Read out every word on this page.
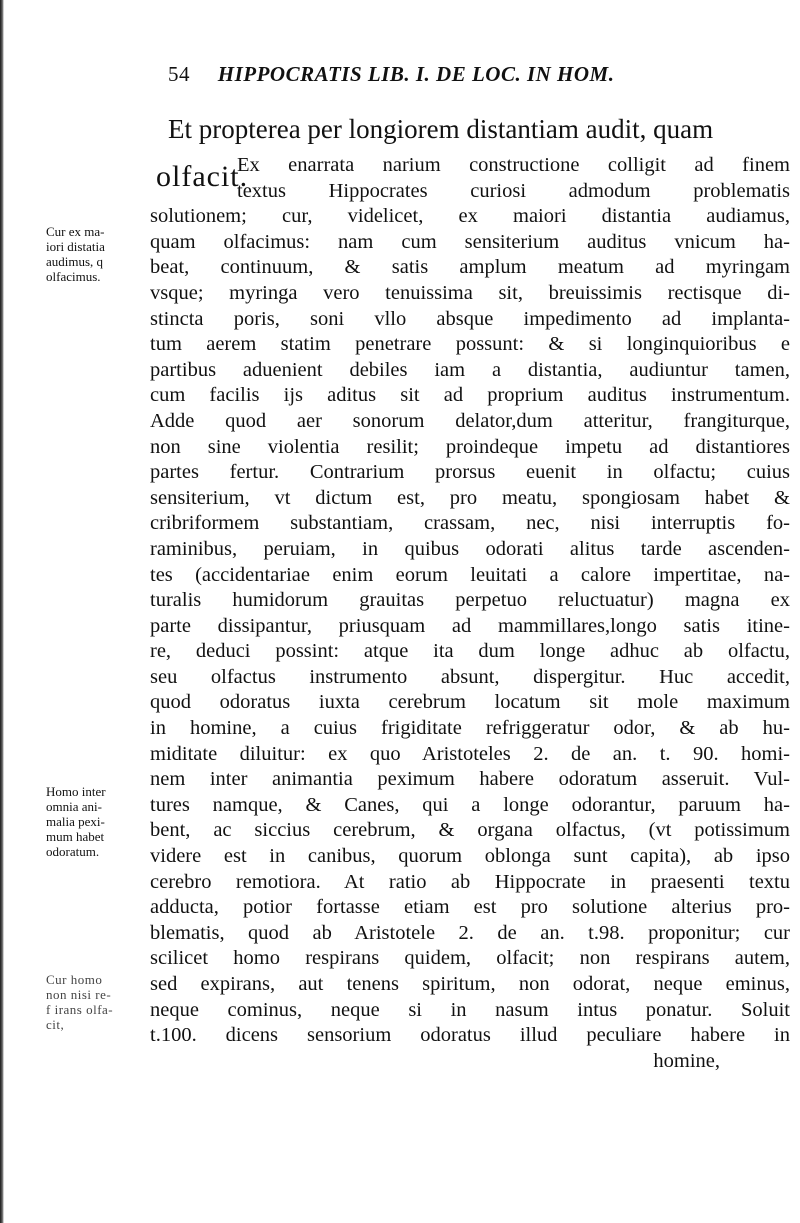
54 HIPPOCRATIS LIB. I. DE LOC. IN HOM.
Et propterea per longiorem distantiam audit, quam
olfacit.
Ex enarrata narium constructione colligit ad finem
textus Hippocrates curiosi admodum problematis
solutionem; cur, videlicet, ex maiori distantia audiamus,
quam olfacimus: nam cum sensiterium auditus vnicum ha-
beat, continuum, & satis amplum meatum ad myringam
vsque; myringa vero tenuissima sit, breuissimis rectisque di-
stincta poris, soni vllo absque impedimento ad implanta-
tum aerem statim penetrare possunt: & si longinquioribus e
partibus aduenient debiles iam a distantia, audiuntur tamen,
cum facilis ijs aditus sit ad proprium auditus instrumentum.
Adde quod aer sonorum delator,dum atteritur, frangiturque,
non sine violentia resilit; proindeque impetu ad distantiores
partes fertur. Contrarium prorsus euenit in olfactu; cuius
sensiterium, vt dictum est, pro meatu, spongiosam habet &
cribriformem substantiam, crassam, nec, nisi interruptis fo-
raminibus, peruiam, in quibus odorati alitus tarde ascenden-
tes (accidentariae enim eorum leuitati a calore impertitae, na-
turalis humidorum grauitas perpetuo reluctuatur) magna ex
parte dissipantur, priusquam ad mammillares,longo satis itine-
re, deduci possint: atque ita dum longe adhuc ab olfactu,
seu olfactus instrumento absunt, dispergitur. Huc accedit,
quod odoratus iuxta cerebrum locatum sit mole maximum
in homine, a cuius frigiditate refriggeratur odor, & ab hu-
miditate diluitur: ex quo Aristoteles 2. de an. t. 90. homi-
nem inter animantia peximum habere odoratum asseruit. Vul-
tures namque, & Canes, qui a longe odorantur, paruum ha-
bent, ac siccius cerebrum, & organa olfactus, (vt potissimum
videre est in canibus, quorum oblonga sunt capita), ab ipso
cerebro remotiora. At ratio ab Hippocrate in praesenti textu
adducta, potior fortasse etiam est pro solutione alterius pro-
blematis, quod ab Aristotele 2. de an. t.98. proponitur; cur
scilicet homo respirans quidem, olfacit; non respirans autem,
sed expirans, aut tenens spiritum, non odorat, neque eminus,
neque cominus, neque si in nasum intus ponatur. Soluit
t.100. dicens sensorium odoratus illud peculiare habere in
homine,
Cur ex ma-
iori distatia
audimus, q
olfacimus.
Homo inter
omnia ani-
malia pexi-
mum habet
odoratum.
Cur homo
non nisi re-
f irans olfa-
cit,
